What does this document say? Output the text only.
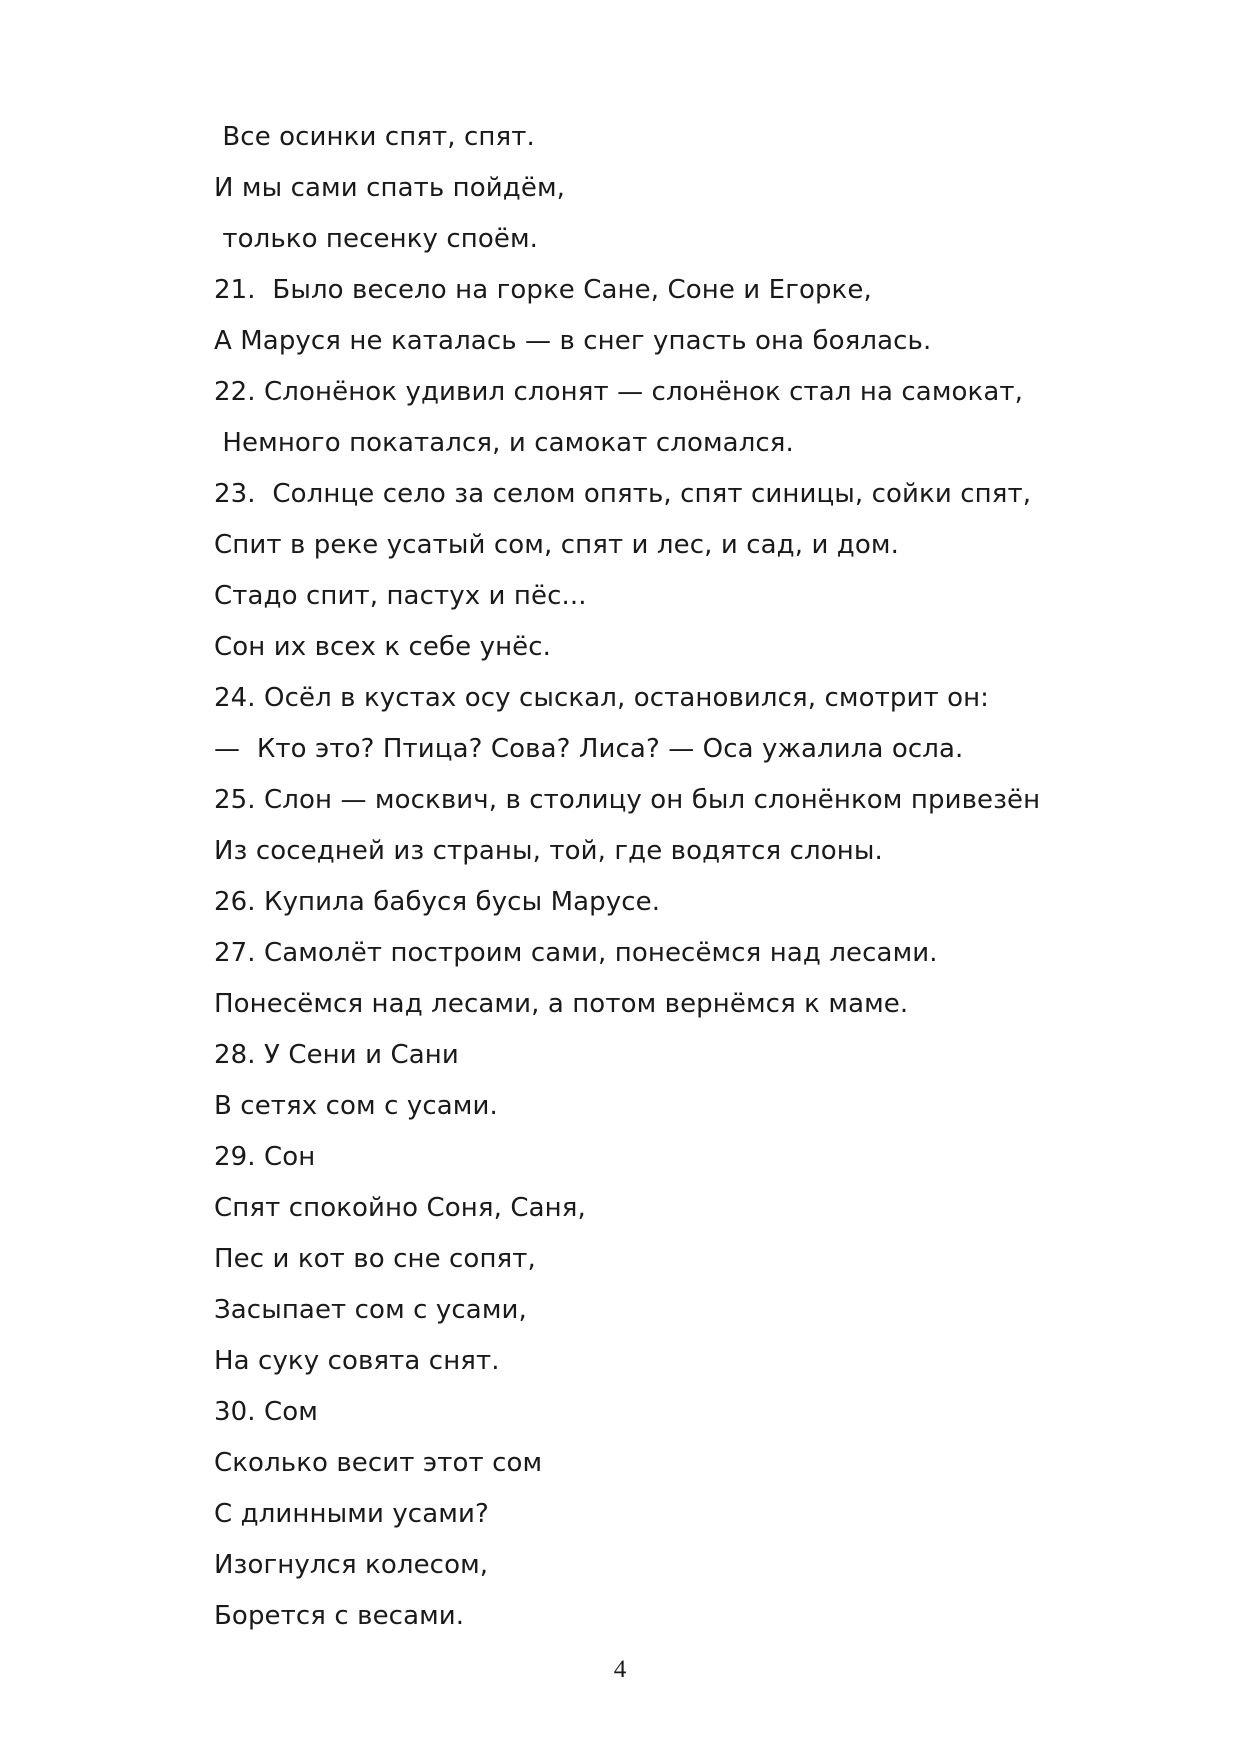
Все осинки спят, спят.
И мы сами спать пойдём,
только песенку споём.
21.  Было весело на горке Сане, Соне и Егорке,
А Маруся не каталась — в снег упасть она боялась.
22. Слонёнок удивил слонят — слонёнок стал на самокат,
Немного покатался, и самокат сломался.
23.  Солнце село за селом опять, спят синицы, сойки спят,
Спит в реке усатый сом, спят и лес, и сад, и дом.
Стадо спит, пастух и пёс...
Сон их всех к себе унёс.
24. Осёл в кустах осу сыскал, остановился, смотрит он:
—  Кто это? Птица? Сова? Лиса? — Оса ужалила осла.
25. Слон — москвич, в столицу он был слонёнком привезён
Из соседней из страны, той, где водятся слоны.
26. Купила бабуся бусы Марусе.
27. Самолёт построим сами, понесёмся над лесами.
Понесёмся над лесами, а потом вернёмся к маме.
28. У Сени и Сани
В сетях сом с усами.
29. Сон
Спят спокойно Соня, Саня,
Пес и кот во сне сопят,
Засыпает сом с усами,
На суку совята снят.
30. Сом
Сколько весит этот сом
С длинными усами?
Изогнулся колесом,
Борется с весами.
4
